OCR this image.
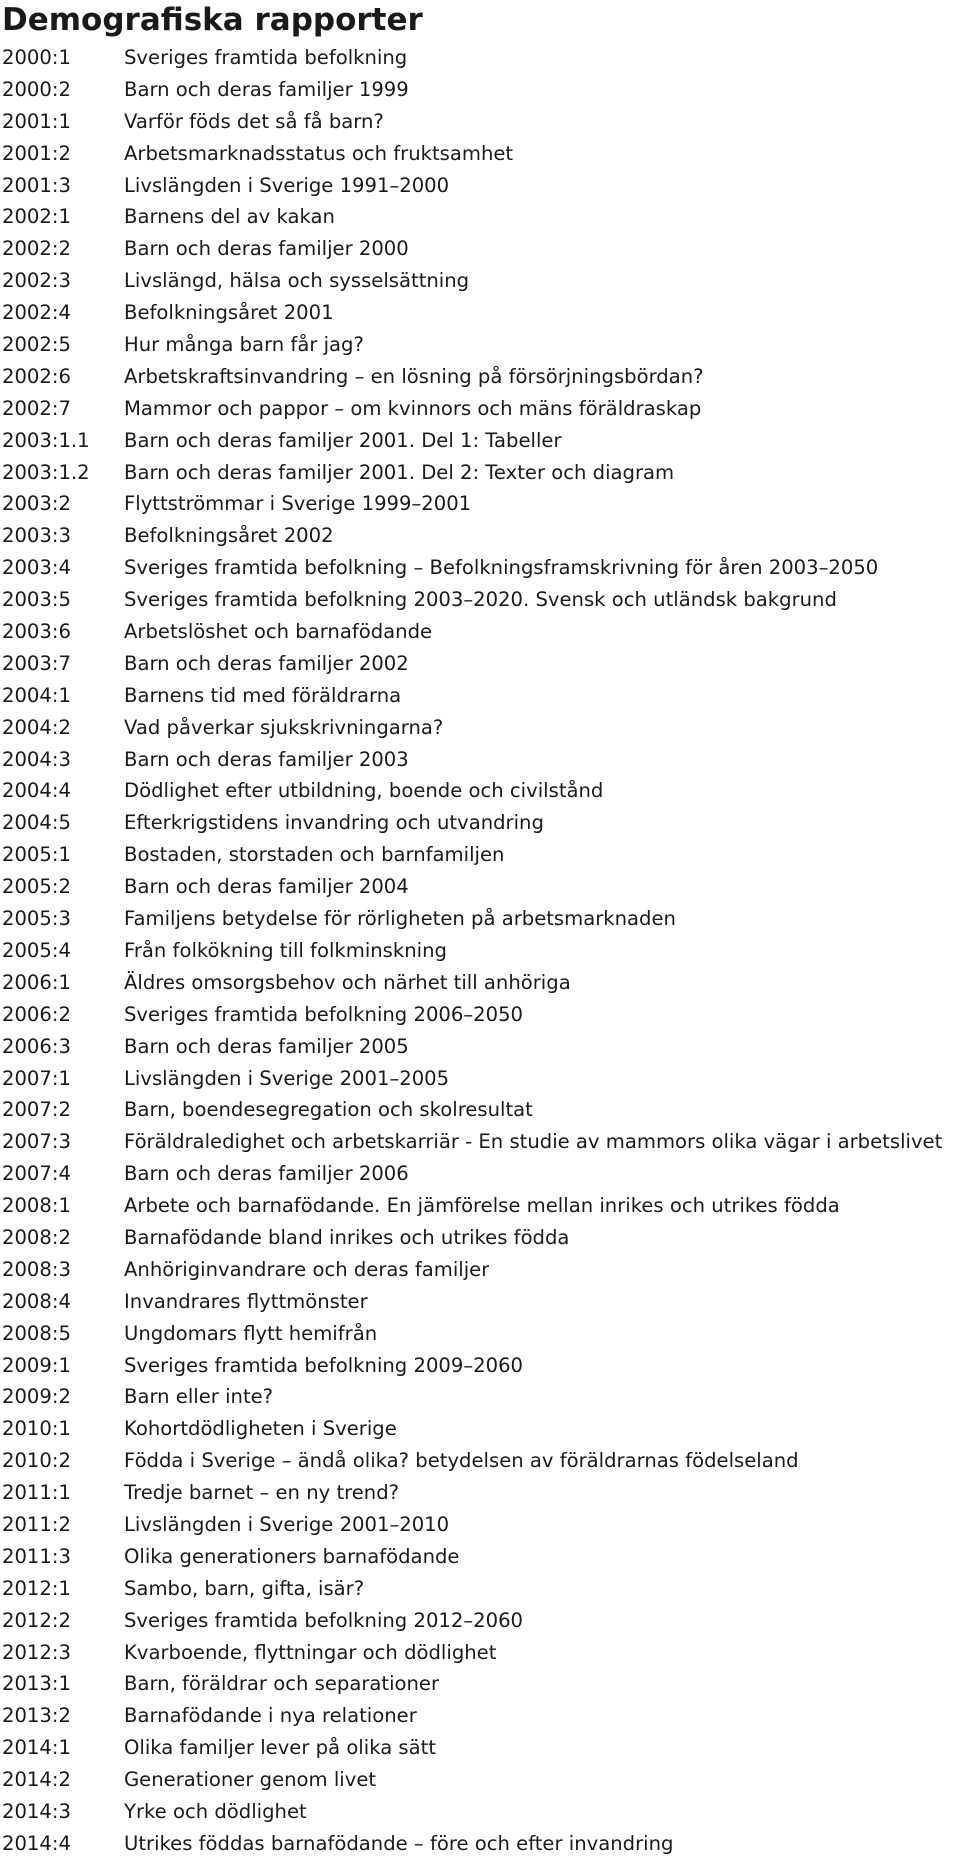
Demografiska rapporter
2000:1	Sveriges framtida befolkning
2000:2	Barn och deras familjer 1999
2001:1	Varför föds det så få barn?
2001:2	Arbetsmarknadsstatus och fruktsamhet
2001:3	Livslängden i Sverige 1991–2000
2002:1	Barnens del av kakan
2002:2	Barn och deras familjer 2000
2002:3	Livslängd, hälsa och sysselsättning
2002:4	Befolkningsåret 2001
2002:5	Hur många barn får jag?
2002:6	Arbetskraftsinvandring – en lösning på försörjningsbördan?
2002:7	Mammor och pappor – om kvinnors och mäns föräldraskap
2003:1.1	Barn och deras familjer 2001. Del 1: Tabeller
2003:1.2	Barn och deras familjer 2001. Del 2: Texter och diagram
2003:2	Flyttströmmar i Sverige 1999–2001
2003:3	Befolkningsåret 2002
2003:4	Sveriges framtida befolkning – Befolkningsframskrivning för åren 2003–2050
2003:5	Sveriges framtida befolkning 2003–2020. Svensk och utländsk bakgrund
2003:6	Arbetslöshet och barnafödande
2003:7	Barn och deras familjer 2002
2004:1	Barnens tid med föräldrarna
2004:2	Vad påverkar sjukskrivningarna?
2004:3	Barn och deras familjer 2003
2004:4	Dödlighet efter utbildning, boende och civilstånd
2004:5	Efterkrigstidens invandring och utvandring
2005:1	Bostaden, storstaden och barnfamiljen
2005:2	Barn och deras familjer 2004
2005:3	Familjens betydelse för rörligheten på arbetsmarknaden
2005:4	Från folkökning till folkminskning
2006:1	Äldres omsorgsbehov och närhet till anhöriga
2006:2	Sveriges framtida befolkning 2006–2050
2006:3	Barn och deras familjer 2005
2007:1	Livslängden i Sverige 2001–2005
2007:2	Barn, boendesegregation och skolresultat
2007:3	Föräldraledighet och arbetskarriär - En studie av mammors olika vägar i arbetslivet
2007:4	Barn och deras familjer 2006
2008:1	Arbete och barnafödande. En jämförelse mellan inrikes och utrikes födda
2008:2	Barnafödande bland inrikes och utrikes födda
2008:3	Anhöriginvandrare och deras familjer
2008:4	Invandrares flyttmönster
2008:5	Ungdomars flytt hemifrån
2009:1	Sveriges framtida befolkning 2009–2060
2009:2	Barn eller inte?
2010:1	Kohortdödligheten i Sverige
2010:2	Födda i Sverige – ändå olika? betydelsen av föräldrarnas födelseland
2011:1	Tredje barnet – en ny trend?
2011:2	Livslängden i Sverige 2001–2010
2011:3	Olika generationers barnafödande
2012:1	Sambo, barn, gifta, isär?
2012:2	Sveriges framtida befolkning 2012–2060
2012:3	Kvarboende, flyttningar och dödlighet
2013:1	Barn, föräldrar och separationer
2013:2	Barnafödande i nya relationer
2014:1	Olika familjer lever på olika sätt
2014:2	Generationer genom livet
2014:3	Yrke och dödlighet
2014:4	Utrikes föddas barnafödande – före och efter invandring
